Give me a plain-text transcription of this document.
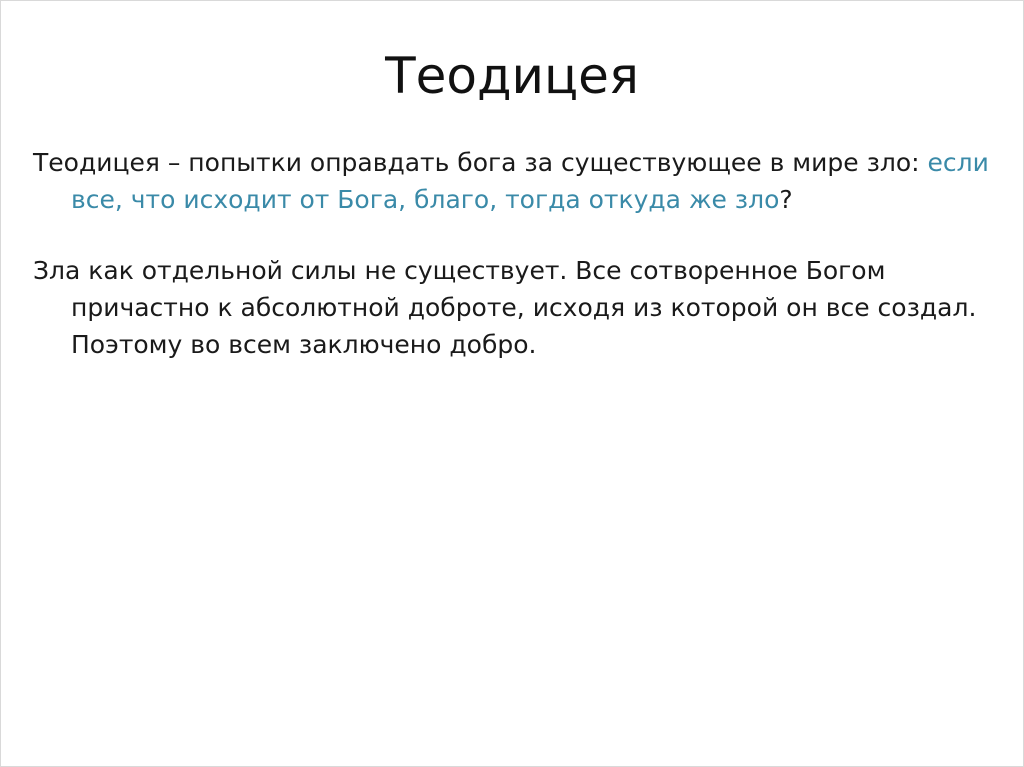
Теодицея

Теодицея – попытки оправдать бога за существующее в мире зло: если все, что исходит от Бога, благо, тогда откуда же зло?

Зла как отдельной силы не существует. Все сотворенное Богом причастно к абсолютной доброте, исходя из которой он все создал. Поэтому во всем заключено добро.
